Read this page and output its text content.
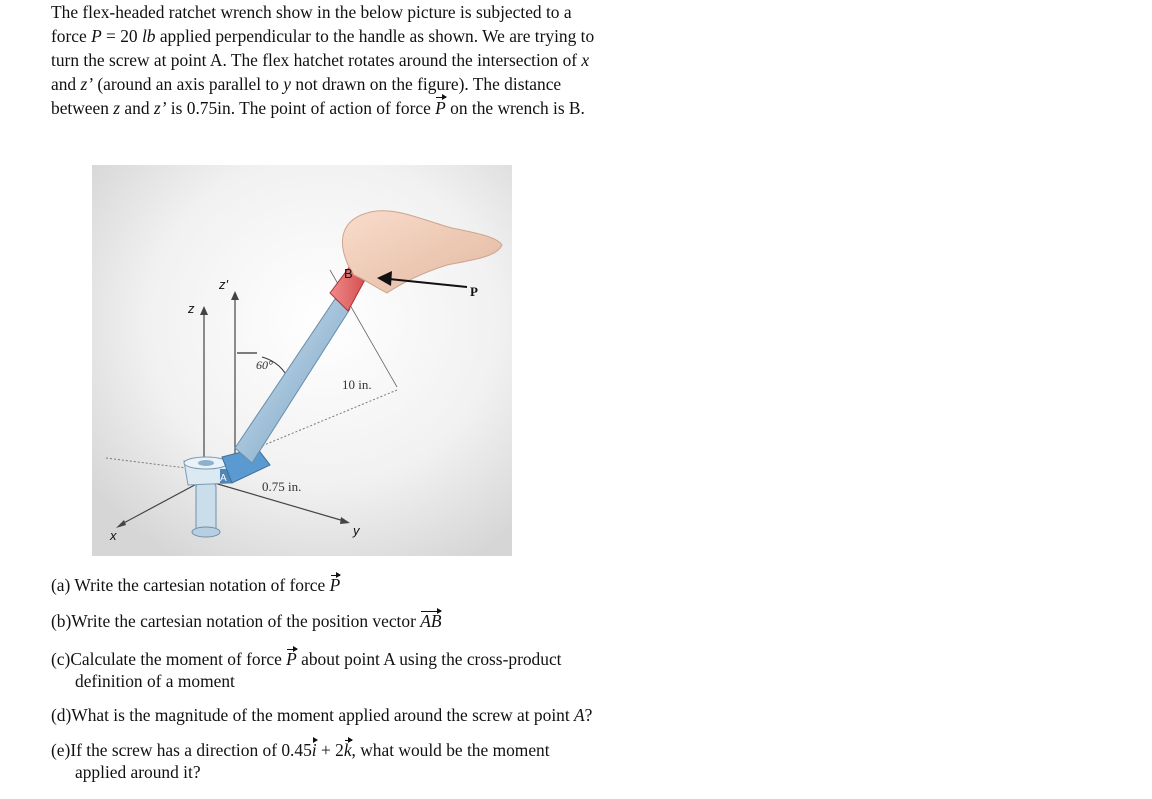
The flex-headed ratchet wrench show in the below picture is subjected to a

force P = 20 lb applied perpendicular to the handle as shown. We are trying to

turn the screw at point A. The flex hatchet rotates around the intersection of x

and z’ (around an axis parallel to y not drawn on the figure). The distance

between z and z’ is 0.75in. The point of action of force P on the wrench is B.

B
P
z
z'
60°
10 in.
0.75 in.
A
x	y
(a) Write the cartesian notation of force P
(b)Write the cartesian notation of the position vector AB
(c)Calculate the moment of force P about point A using the cross-product
definition of a moment
(d)What is the magnitude of the moment applied around the screw at point A?
(e)If the screw has a direction of 0.45i + 2k, what would be the moment
applied around it?
